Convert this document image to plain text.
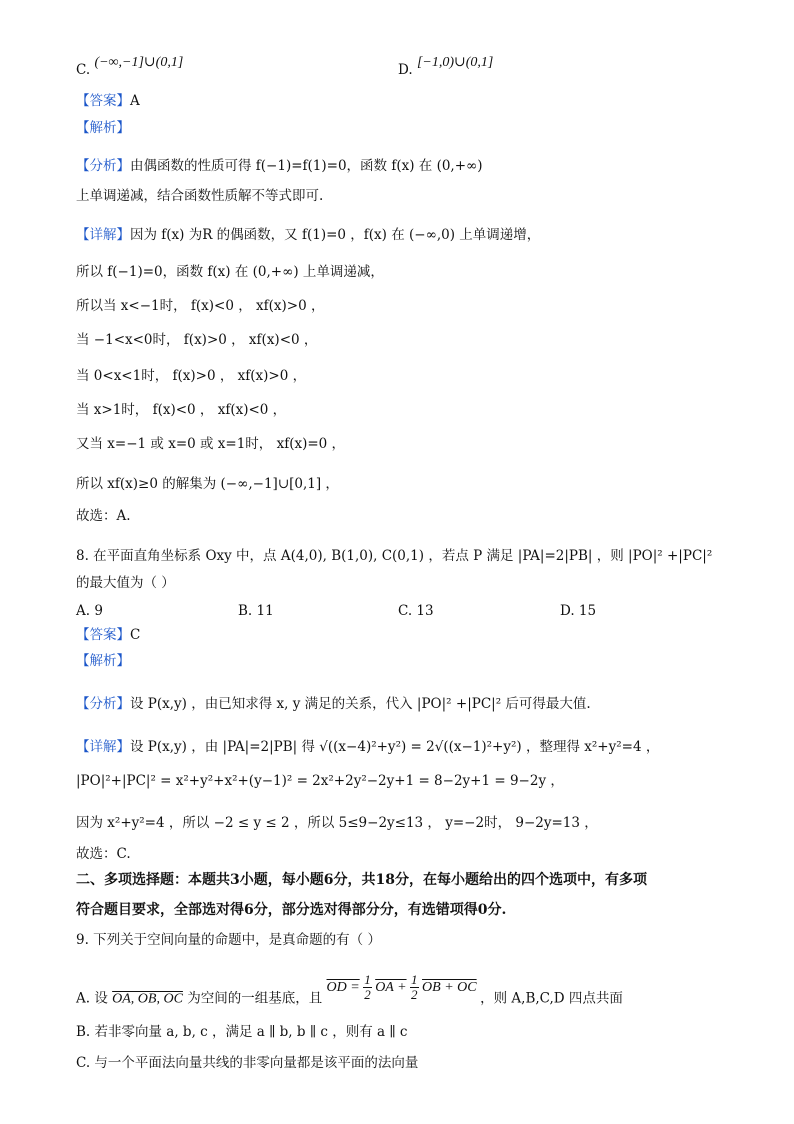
C. (−∞,−1]∪(0,1]	D. [−1,0)∪(0,1]
【答案】A
【解析】
【分析】由偶函数的性质可得 f(−1)=f(1)=0，函数 f(x) 在 (0,+∞)
上单调递减，结合函数性质解不等式即可.
【详解】因为 f(x) 为R 的偶函数，又 f(1)=0 ，f(x) 在 (−∞,0) 上单调递增，
所以 f(−1)=0，函数 f(x) 在 (0,+∞) 上单调递减，
所以当 x<−1时， f(x)<0 ， xf(x)>0 ，
当 −1<x<0时， f(x)>0 ， xf(x)<0 ，
当 0<x<1时， f(x)>0 ， xf(x)>0 ，
当 x>1时， f(x)<0 ， xf(x)<0 ，
又当 x=−1 或 x=0 或 x=1时， xf(x)=0 ，
所以 xf(x)≥0 的解集为 (−∞,−1]∪[0,1] ，
故选：A.
8. 在平面直角坐标系 Oxy 中，点 A(4,0), B(1,0), C(0,1) ，若点 P 满足 |PA|=2|PB| ，则 |PO|² +|PC|²
的最大值为（ ）
A. 9	B. 11	C. 13	D. 15
【答案】C
【解析】
【分析】设 P(x,y) ，由已知求得 x, y 满足的关系，代入 |PO|² +|PC|² 后可得最大值.
【详解】设 P(x,y) ，由 |PA|=2|PB| 得 √((x−4)²+y²) = 2√((x−1)²+y²) ，整理得 x²+y²=4 ，
|PO|²+|PC|² = x²+y²+x²+(y−1)² = 2x²+2y²−2y+1 = 8−2y+1 = 9−2y ，
因为 x²+y²=4 ，所以 −2 ≤ y ≤ 2 ，所以 5≤9−2y≤13 ， y=−2时， 9−2y=13 ，
故选：C.
二、多项选择题：本题共3小题，每小题6分，共18分，在每小题给出的四个选项中，有多项
符合题目要求，全部选对得6分，部分选对得部分分，有选错项得0分.
9. 下列关于空间向量的命题中，是真命题的有（ ）
A. 设 OA, OB, OC 为空间的一组基底，且 OD = $\frac{1}{2}$ OA + $\frac{1}{2}$ OB + OC ，则 A,B,C,D 四点共面
B. 若非零向量 a, b, c ，满足 a ∥ b, b ∥ c ，则有 a ∥ c
C. 与一个平面法向量共线的非零向量都是该平面的法向量
